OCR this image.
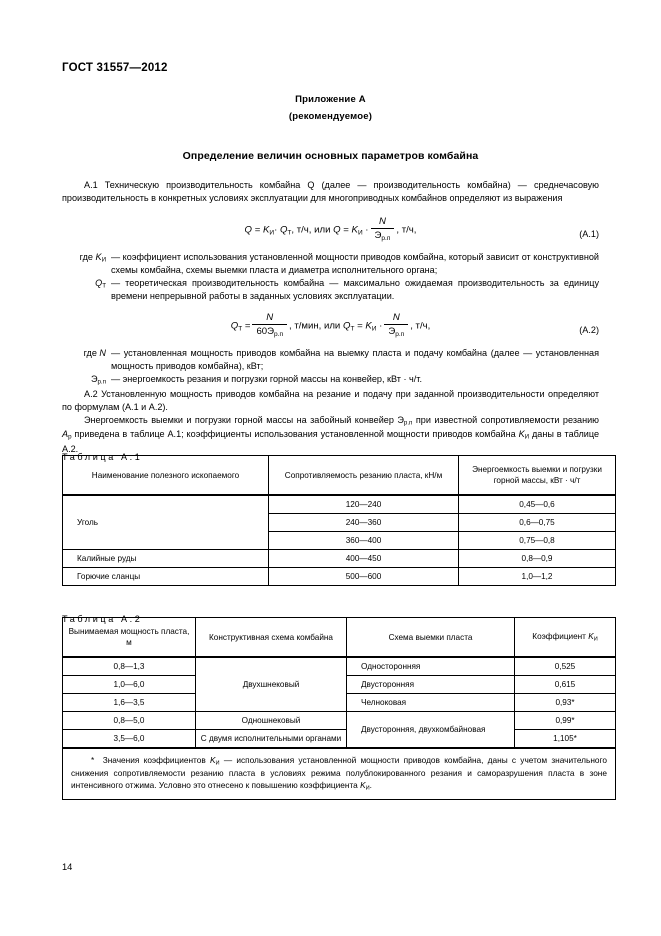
ГОСТ 31557—2012
Приложение А
(рекомендуемое)
Определение величин основных параметров комбайна

А.1 Техническую производительность комбайна Q (далее — производительность комбайна) — среднечасовую производительность в конкретных условиях эксплуатации для многоприводных комбайнов определяют из выражения

$Q = K_И\cdot Q_Т$, т/ч, или $Q = K_И \cdot \frac{N}{Э_{р.п}}$ , т/ч,	(А.1)
где $K_И$ — коэффициент использования установленной мощности приводов комбайна, который зависит от конструктивной схемы комбайна, схемы выемки пласта и диаметра исполнительного органа;
$Q_Т$ — теоретическая производительность комбайна — максимально ожидаемая производительность за единицу времени непрерывной работы в заданных условиях эксплуатации.
$Q_Т = \frac{N}{60Э_{р.п}}$ , т/мин, или $Q_Т = K_И \cdot \frac{N}{Э_{р.п}}$ , т/ч,	(А.2)
где N — установленная мощность приводов комбайна на выемку пласта и подачу комбайна (далее — установленная мощность приводов комбайна), кВт;
$Э_{р.п}$ — энергоемкость резания и погрузки горной массы на конвейер, кВт · ч/т.

А.2 Установленную мощность приводов комбайна на резание и подачу при заданной производительности определяют по формулам (А.1 и А.2).

Энергоемкость выемки и погрузки горной массы на забойный конвейер $Э_{р.п}$ при известной сопротивляемости резанию $А_р$ приведена в таблице А.1; коэффициенты использования установленной мощности приводов комбайна $K_И$ даны в таблице А.2.

Таблица А.1
Наименование полезного ископаемого	Сопротивляемость резанию пласта, кН/м	Энергоемкость выемки и погрузки горной массы, кВт · ч/т
Уголь	120—240	0,45—0,6
	240—360	0,6—0,75
	360—400	0,75—0,8
Калийные руды	400—450	0,8—0,9
Горючие сланцы	500—600	1,0—1,2
Таблица А.2
Вынимаемая мощность пласта, м	Конструктивная схема комбайна	Схема выемки пласта	Коэффициент $K_И$
0,8—1,3	Двухшнековый	Односторонняя	0,525
1,0—6,0		Двусторонняя	0,615
1,6—3,5		Челноковая	0,93*
0,8—5,0	Одношнековый	Двусторонняя, двухкомбайновая	0,99*
3,5—6,0	С двумя исполнительными органами		1,105*

*  Значения коэффициентов $K_И$ — использования установленной мощности приводов комбайна, даны с учетом значительного снижения сопротивляемости резанию пласта в условиях режима полублокированного резания и саморазрушения пласта в зоне интенсивного отжима. Условно это отнесено к повышению коэффициента $K_И$.			
14
